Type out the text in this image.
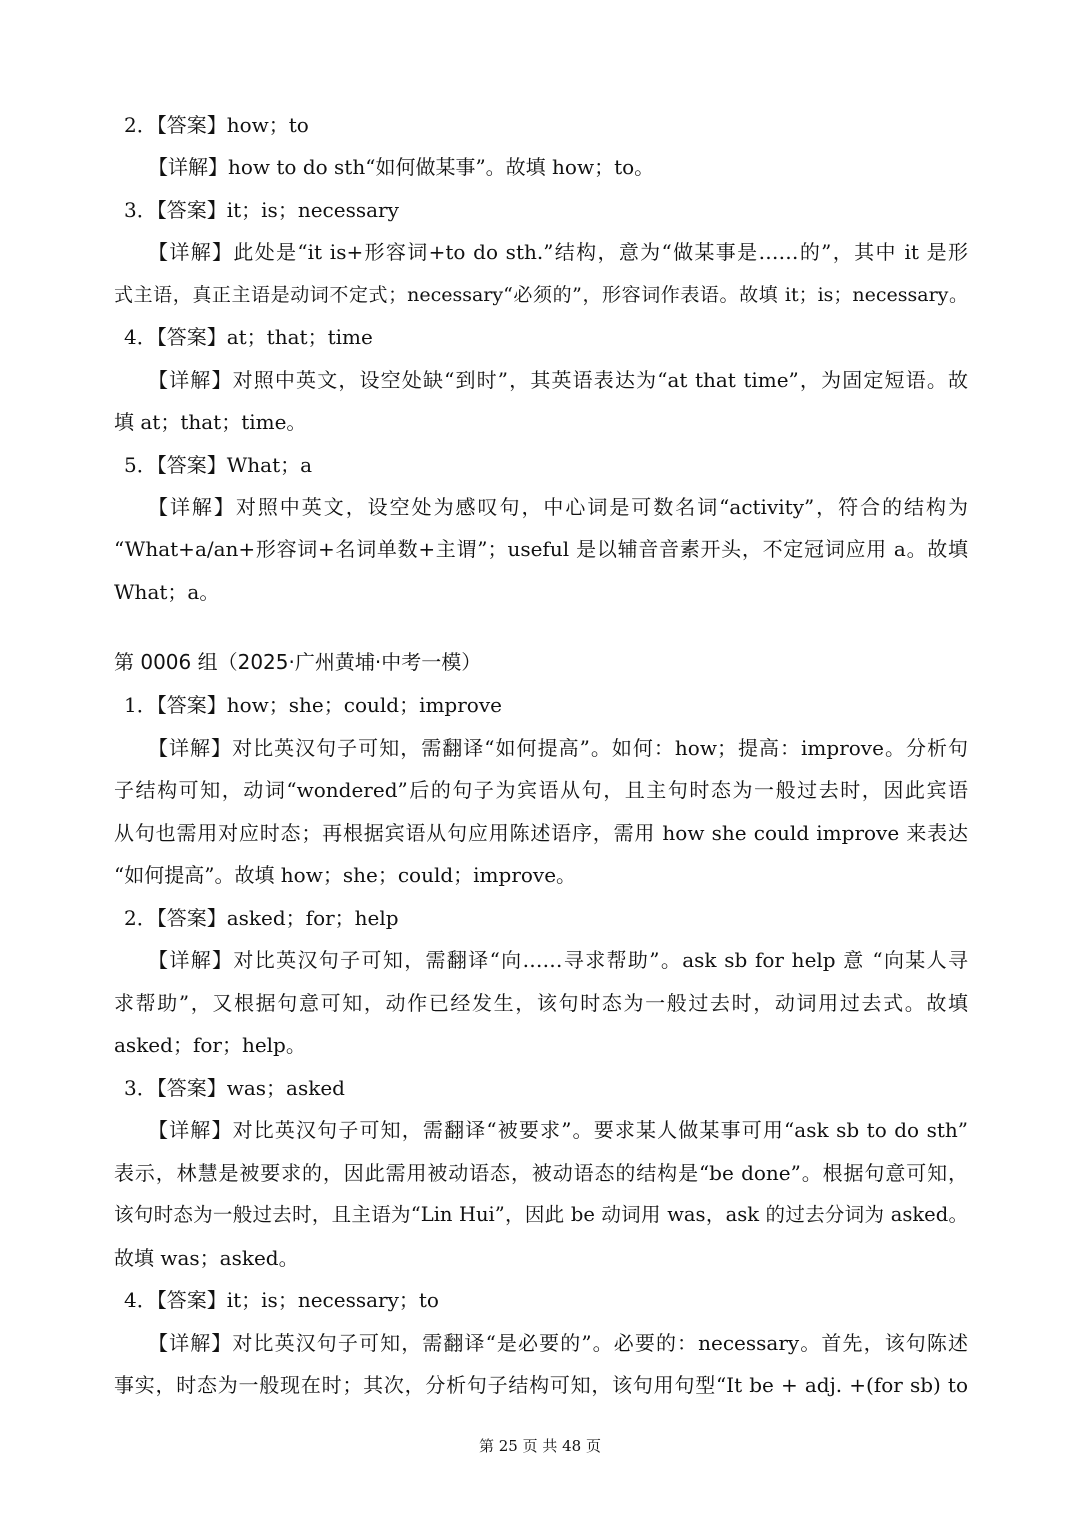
2．【答案】how；to
【详解】how to do sth“如何做某事”。故填 how；to。
3．【答案】it；is；necessary
【详解】此处是“it is+形容词+to do sth.”结构，意为“做某事是……的”，其中 it 是形
式主语，真正主语是动词不定式；necessary“必须的”，形容词作表语。故填 it；is；necessary。
4．【答案】at；that；time
【详解】对照中英文，设空处缺“到时”，其英语表达为“at that time”，为固定短语。故
填 at；that；time。
5．【答案】What；a
【详解】对照中英文，设空处为感叹句，中心词是可数名词“activity”，符合的结构为
“What+a/an+形容词+名词单数+主谓”；useful 是以辅音音素开头，不定冠词应用 a。故填
What；a。
第 0006 组（2025·广州黄埔·中考一模）
1．【答案】how；she；could；improve
【详解】对比英汉句子可知，需翻译“如何提高”。如何：how；提高：improve。分析句
子结构可知，动词“wondered”后的句子为宾语从句，且主句时态为一般过去时，因此宾语
从句也需用对应时态；再根据宾语从句应用陈述语序，需用 how she could improve 来表达
“如何提高”。故填 how；she；could；improve。
2．【答案】asked；for；help
【详解】对比英汉句子可知，需翻译“向……寻求帮助”。ask sb for help 意 “向某人寻
求帮助”，又根据句意可知，动作已经发生，该句时态为一般过去时，动词用过去式。故填
asked；for；help。
3．【答案】was；asked
【详解】对比英汉句子可知，需翻译“被要求”。要求某人做某事可用“ask sb to do sth”
表示，林慧是被要求的，因此需用被动语态，被动语态的结构是“be done”。根据句意可知，
该句时态为一般过去时，且主语为“Lin Hui”，因此 be 动词用 was，ask 的过去分词为 asked。
故填 was；asked。
4．【答案】it；is；necessary；to
【详解】对比英汉句子可知，需翻译“是必要的”。必要的：necessary。首先，该句陈述
事实，时态为一般现在时；其次，分析句子结构可知，该句用句型“It be + adj. +(for sb) to
第 25 页 共 48 页
